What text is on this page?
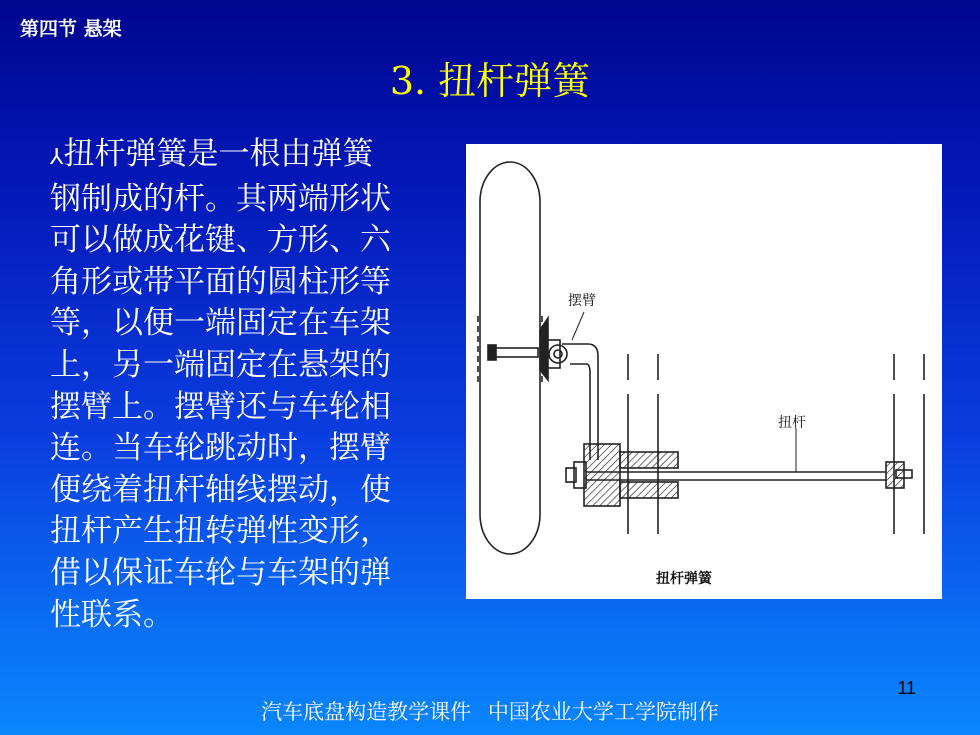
第四节 悬架
3. 扭杆弹簧
⅄扭杆弹簧是一根由弹簧
钢制成的杆。其两端形状
可以做成花键、方形、六
角形或带平面的圆柱形等
等，以便一端固定在车架
上，另一端固定在悬架的
摆臂上。摆臂还与车轮相
连。当车轮跳动时，摆臂
便绕着扭杆轴线摆动，使
扭杆产生扭转弹性变形，
借以保证车轮与车架的弹
性联系。
摆臂
扭杆
扭杆弹簧
11
汽车底盘构造教学课件 中国农业大学工学院制作
